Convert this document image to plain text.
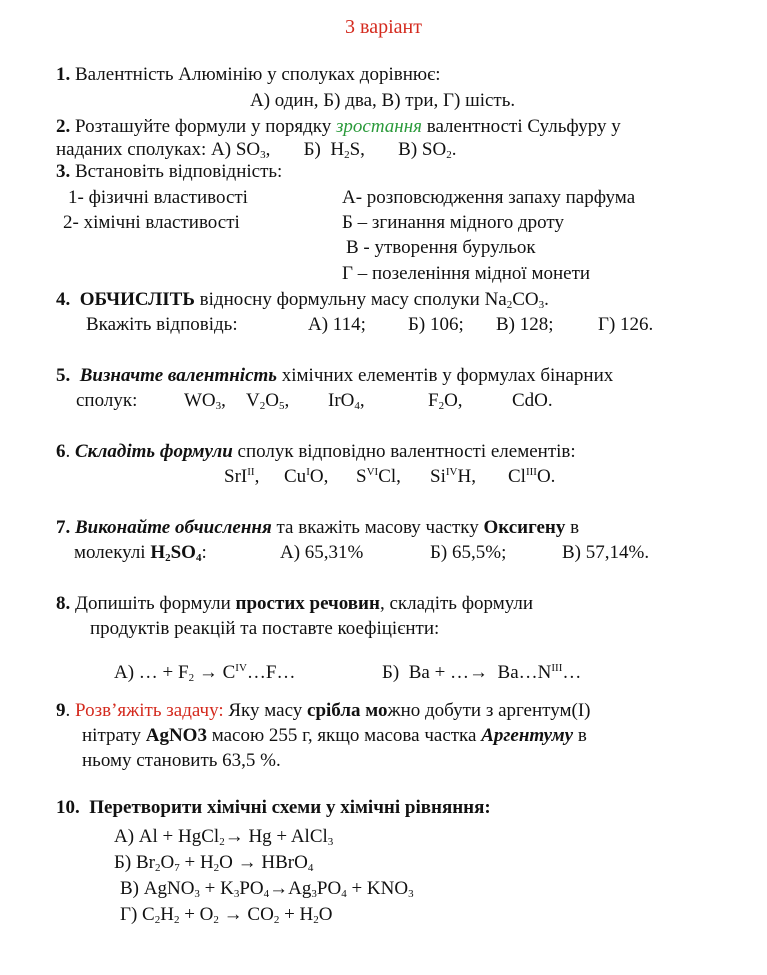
3 варіант
1. Валентність Алюмінію у сполуках дорівнює:
А) один, Б) два, В) три, Г) шість.
2. Розташуйте формули у порядку зростання валентності Сульфуру у
наданих сполуках: А) $SO_3$,       Б)  $H_2S$,       В) $SO_2$.
3. Встановіть відповідність:
1- фізичні властивості
2- хімічні властивості
А- розповсюдження запаху парфума
Б – згинання мідного дроту
В - утворення бурульок
Г – позеленіння мідної монети
4. ОБЧИСЛІТЬ відносну формульну масу сполуки $Na_2CO_3$.
Вкажіть відповідь:	А) 114; Б) 106; В) 128; Г) 126.
5. Визначте валентність хімічних елементів у формулах бінарних
сполук: $WO_3$, $V_2O_5$, IrO$_4$,	$F_2O$,	CdO.
6. Складіть формули сполук відповідно валентності елементів:
SrI$^{II}$, $Cu^IO$, $S^{VI}Cl$, $Si^{IV}H$, $Cl^{III}O$.
7. Виконайте обчислення та вкажіть масову частку Оксигену в
молекулі $H_2SO_4$:	А) 65,31%	Б) 65,5%;	В) 57,14%.
8. Допишіть формули простих речовин, складіть формули
продуктів реакцій та поставте коефіцієнти:
А) … + $F_2$ → $C^{IV}\dots F\dots$	Б)  Ba + …→  $Ba\dots N^{III}\dots$
9. Розв’яжіть задачу: Яку масу срібла можно добути з аргентум(І)
нітрату AgNO3 масою 255 г, якщо масова частка Аргентуму в
ньому становить 63,5 %.
10.  Перетворити хімічні схеми у хімічні рівняння:
А) Al + HgCl$_2$→ Hg + AlCl$_3$
Б) $Br_2O_7 + H_2O$ → HBrO$_4$
В) AgNO$_3$ + $K_3PO_4\to Ag_3PO_4 + KNO_3$
Г) $C_2H_2 + O_2 \to CO_2 + H_2O$
